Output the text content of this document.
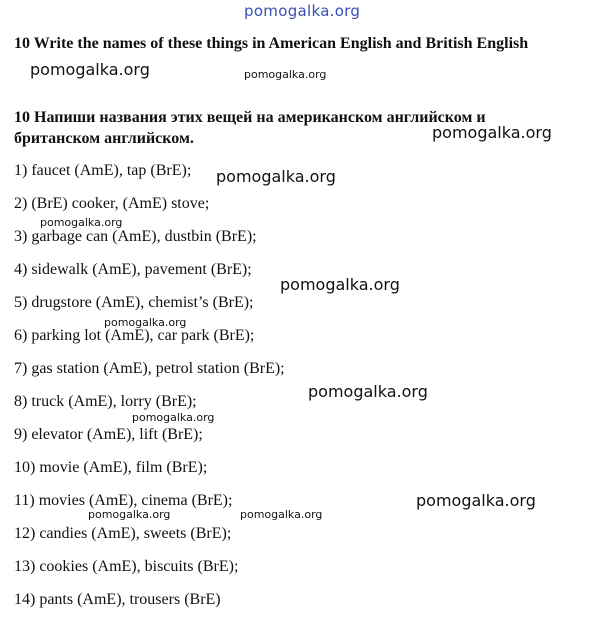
pomogalka.org
pomogalka.org	pomogalka.org
pomogalka.org
pomogalka.org
pomogalka.org
pomogalka.org
pomogalka.org
pomogalka.org
pomogalka.org
pomogalka.org
pomogalka.org	pomogalka.org
10 Write the names of these things in American English and British English
10 Напиши названия этих вещей на американском английском и
британском английском.
1) faucet (AmE), tap (BrE);
2) (BrE) cooker, (AmE) stove;
3) garbage can (AmE), dustbin (BrE);
4) sidewalk (AmE), pavement (BrE);
5) drugstore (AmE), chemist’s (BrE);
6) parking lot (AmE), car park (BrE);
7) gas station (AmE), petrol station (BrE);
8) truck (AmE), lorry (BrE);
9) elevator (AmE), lift (BrE);
10) movie (AmE), film (BrE);
11) movies (AmE), cinema (BrE);
12) candies (AmE), sweets (BrE);
13) cookies (AmE), biscuits (BrE);
14) pants (AmE), trousers (BrE)
